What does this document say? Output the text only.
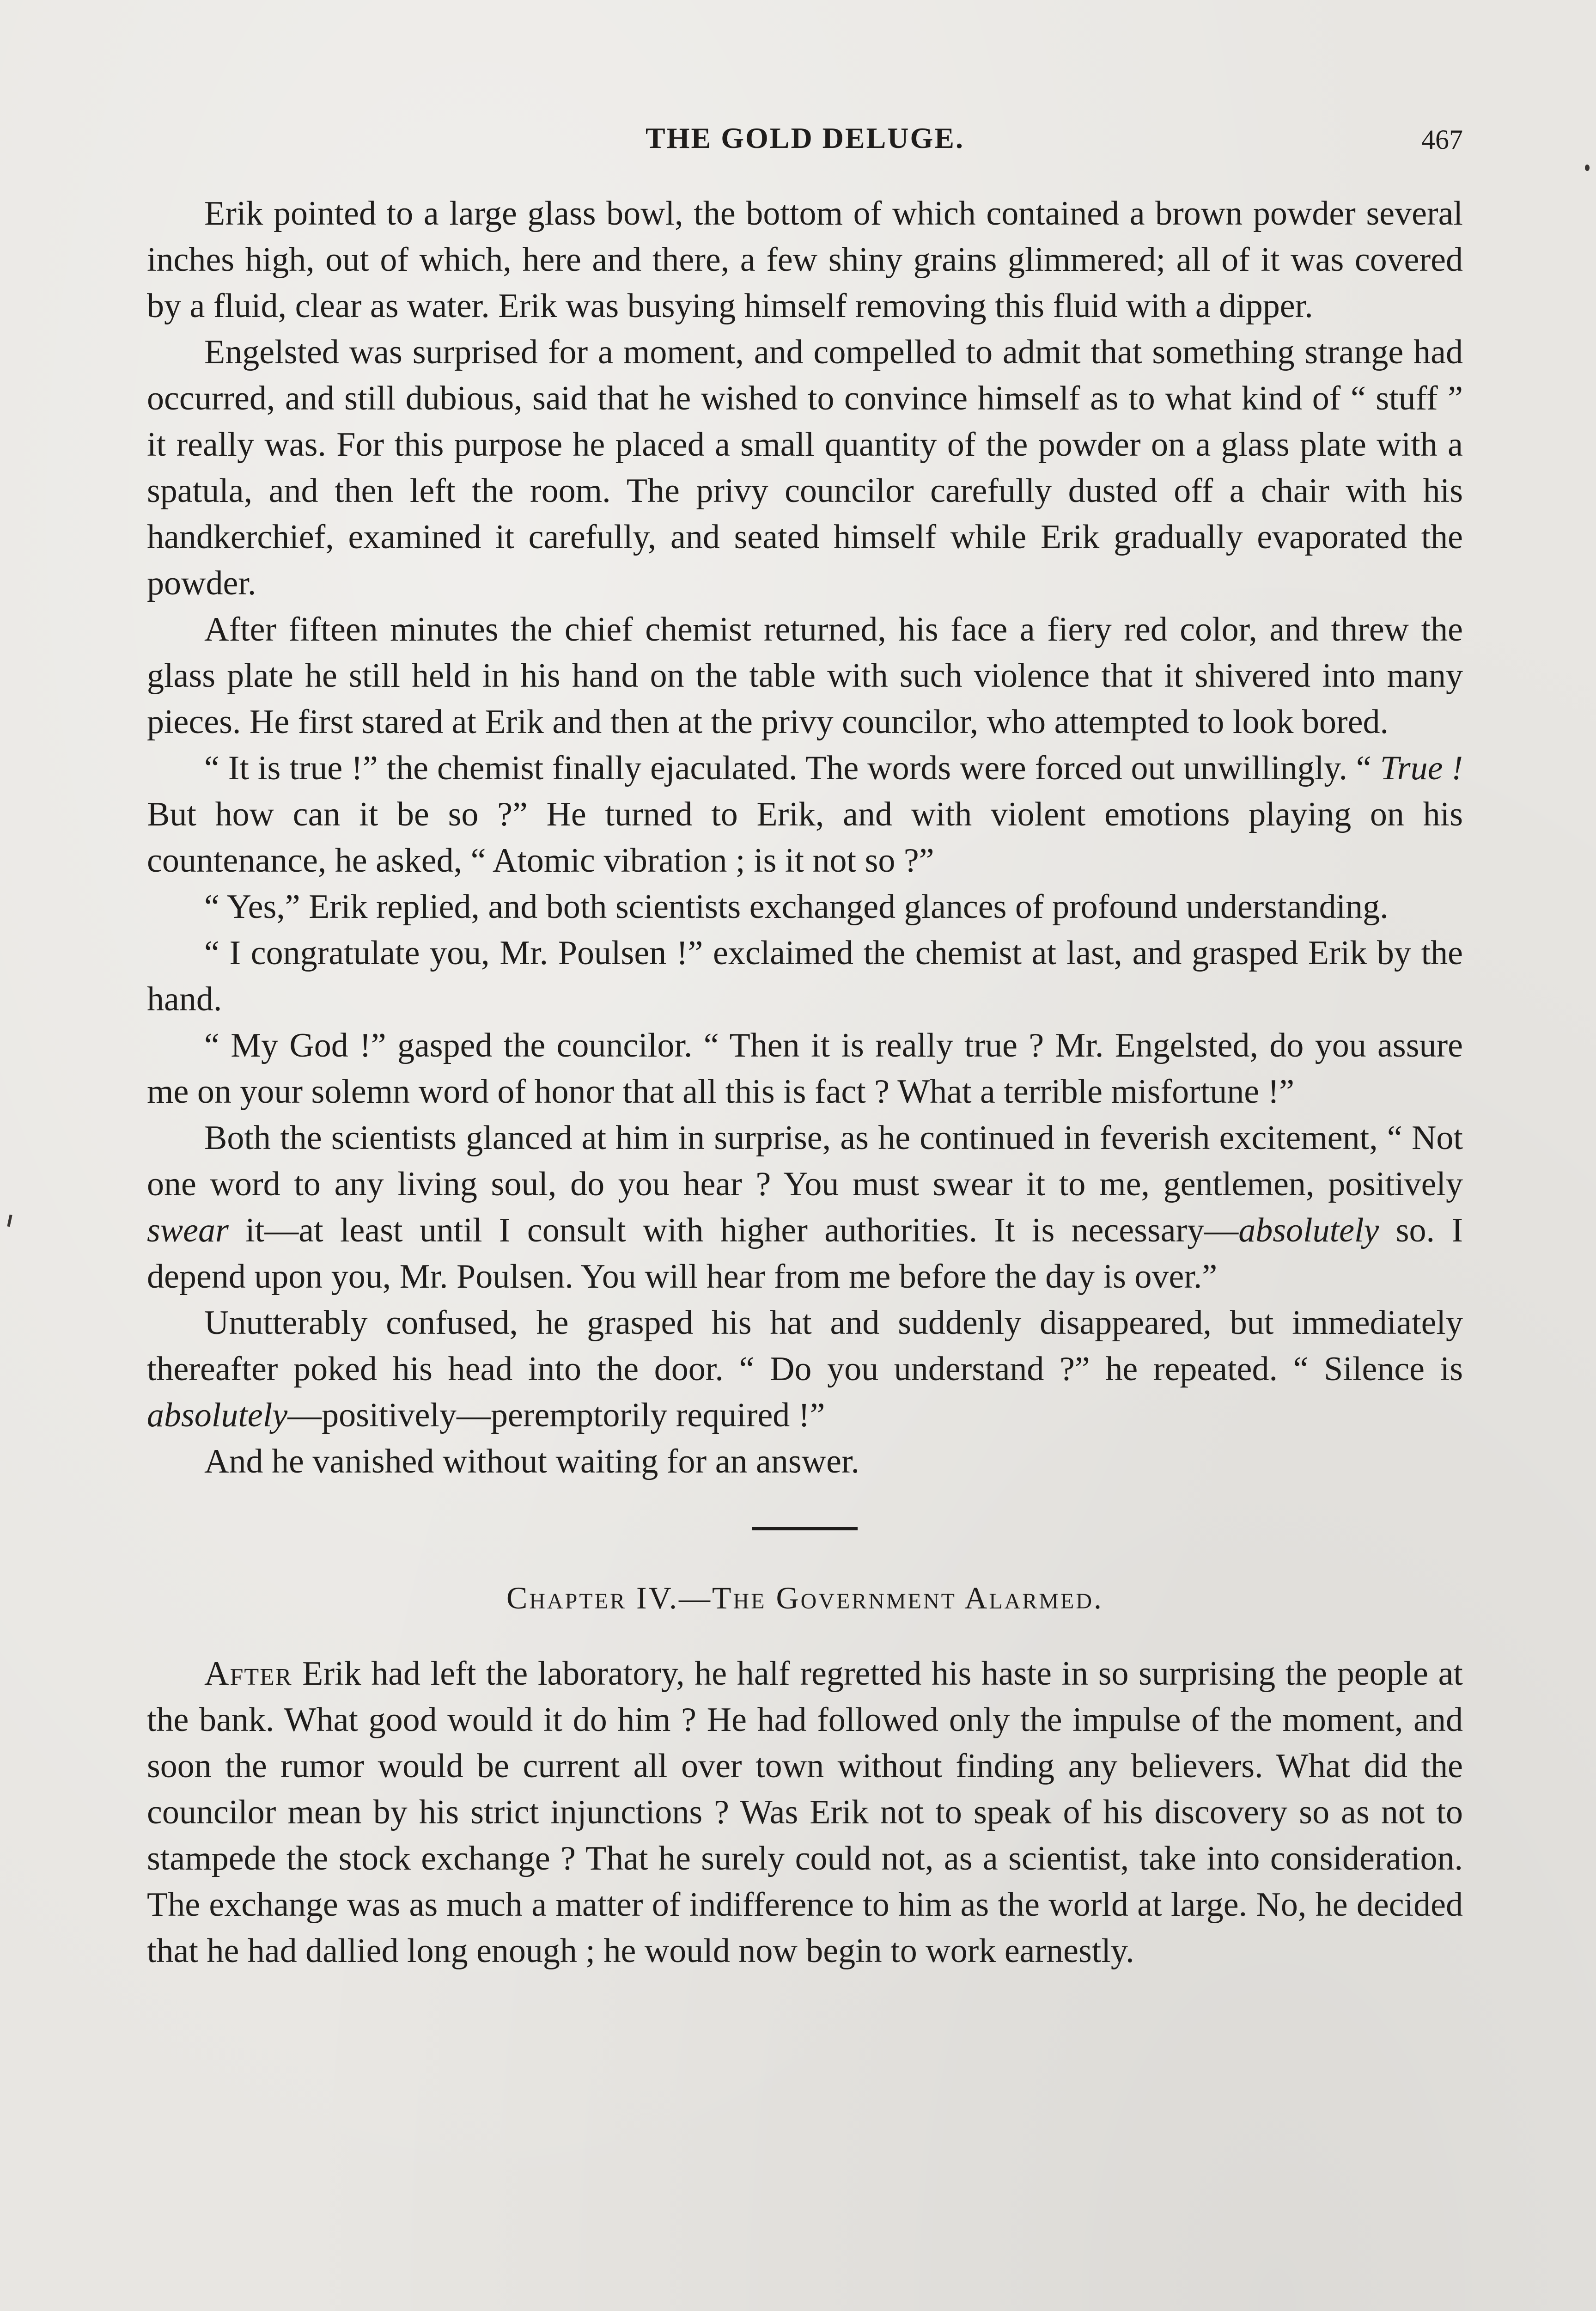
THE GOLD DELUGE.	467

Erik pointed to a large glass bowl, the bottom of which contained a brown powder several inches high, out of which, here and there, a few shiny grains glimmered; all of it was covered by a fluid, clear as water. Erik was busying himself removing this fluid with a dipper.

Engelsted was surprised for a moment, and compelled to admit that something strange had occurred, and still dubious, said that he wished to convince himself as to what kind of “ stuff ” it really was. For this purpose he placed a small quantity of the powder on a glass plate with a spatula, and then left the room. The privy councilor carefully dusted off a chair with his handkerchief, examined it carefully, and seated himself while Erik gradually evaporated the powder.

After fifteen minutes the chief chemist returned, his face a fiery red color, and threw the glass plate he still held in his hand on the table with such violence that it shivered into many pieces. He first stared at Erik and then at the privy councilor, who attempted to look bored.

“ It is true !” the chemist finally ejaculated. The words were forced out unwillingly. “ True ! But how can it be so ?” He turned to Erik, and with violent emotions playing on his countenance, he asked, “ Atomic vibration ; is it not so ?”

“ Yes,” Erik replied, and both scientists exchanged glances of profound understanding.

“ I congratulate you, Mr. Poulsen !” exclaimed the chemist at last, and grasped Erik by the hand.

“ My God !” gasped the councilor. “ Then it is really true ? Mr. Engelsted, do you assure me on your solemn word of honor that all this is fact ? What a terrible misfortune !”

Both the scientists glanced at him in surprise, as he continued in feverish excitement, “ Not one word to any living soul, do you hear ? You must swear it to me, gentlemen, positively swear it—at least until I consult with higher authorities. It is necessary—absolutely so. I depend upon you, Mr. Poulsen. You will hear from me before the day is over.”

Unutterably confused, he grasped his hat and suddenly disappeared, but immediately thereafter poked his head into the door. “ Do you understand ?” he repeated. “ Silence is absolutely—positively—peremptorily required !”

And he vanished without waiting for an answer.

Chapter IV.—The Government Alarmed.

After Erik had left the laboratory, he half regretted his haste in so surprising the people at the bank. What good would it do him ? He had followed only the impulse of the moment, and soon the rumor would be current all over town without finding any believers. What did the councilor mean by his strict injunctions ? Was Erik not to speak of his discovery so as not to stampede the stock exchange ? That he surely could not, as a scientist, take into consideration. The exchange was as much a matter of indifference to him as the world at large. No, he decided that he had dallied long enough ; he would now begin to work earnestly.
